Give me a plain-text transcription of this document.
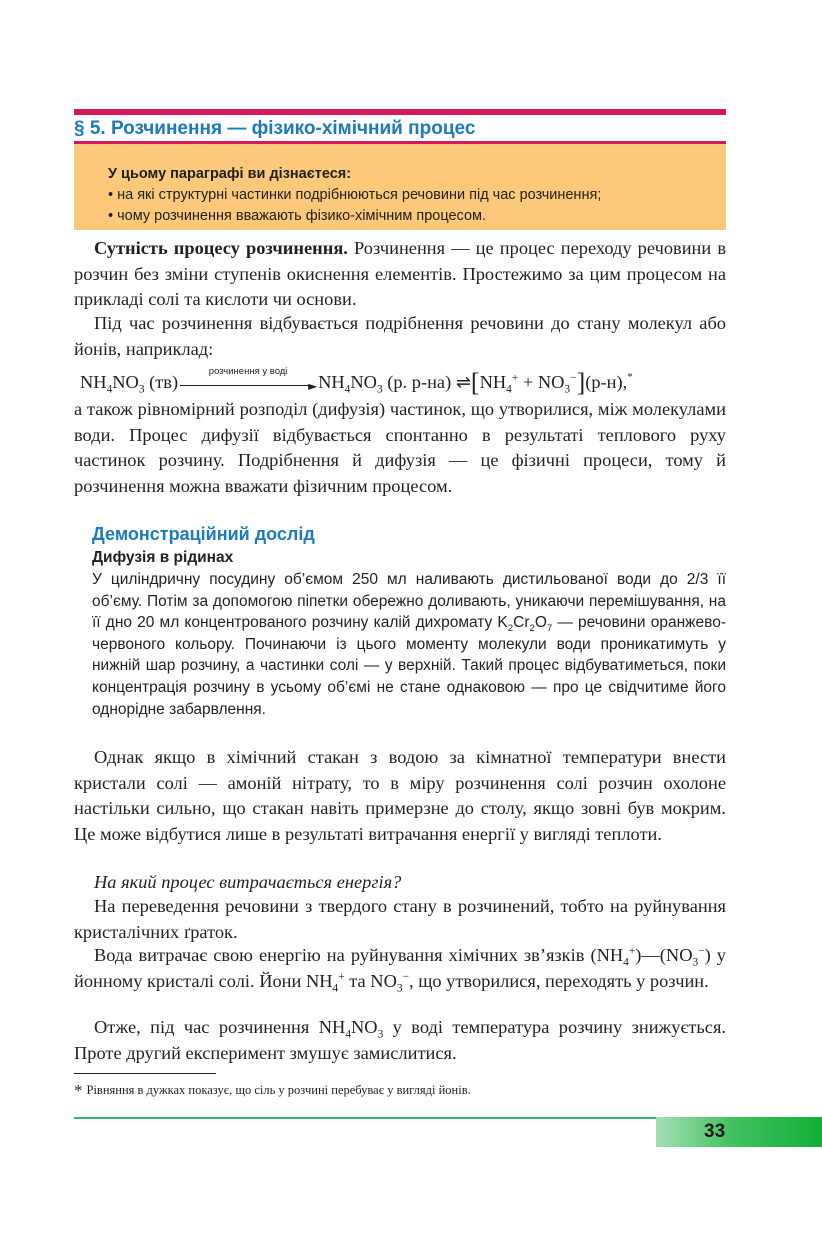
§ 5. Розчинення — фізико-хімічний процес
У цьому параграфі ви дізнаєтеся:
• на які структурні частинки подрібнюються речовини під час розчинення;
• чому розчинення вважають фізико-хімічним процесом.

Сутність процесу розчинення. Розчинення — це процес переходу речовини в розчин без зміни ступенів окиснення елементів. Простежимо за цим процесом на прикладі солі та кислоти чи основи.

Під час розчинення відбувається подрібнення речовини до стану молекул або йонів, наприклад:

$NH_4NO_3$ (тв)
розчинення у воді
► $NH_4NO_3$ (р. р-на) $\rightleftharpoons[NH_4^+ + NO_3^-](р-н),^*$

а також рівномірний розподіл (дифузія) частинок, що утворилися, між молекулами води. Процес дифузії відбувається спонтанно в результаті теплового руху частинок розчину. Подрібнення й дифузія — це фізичні процеси, тому й розчинення можна вважати фізичним процесом.

Демонстраційний дослід
Дифузія в рідинах

У циліндричну посудину об’ємом 250 мл наливають дистильованої води до 2/3 її об’єму. Потім за допомогою піпетки обережно доливають, уникаючи перемішування, на її дно 20 мл концентрованого розчину калій дихромату $K_2Cr_2O_7$ — речовини оранжево-червоного кольору. Починаючи із цього моменту молекули води проникатимуть у нижній шар розчину, а частинки солі — у верхній. Такий процес відбуватиметься, поки концентрація розчину в усьому об’ємі не стане однаковою — про це свідчитиме його однорідне забарвлення.

Однак якщо в хімічний стакан з водою за кімнатної температури внести кристали солі — амоній нітрату, то в міру розчинення солі розчин охолоне настільки сильно, що стакан навіть примерзне до столу, якщо зовні був мокрим. Це може відбутися лише в результаті витрачання енергії у вигляді теплоти.

На який процес витрачається енергія?

На переведення речовини з твердого стану в розчинений, тобто на руйнування кристалічних ґраток.

Вода витрачає свою енергію на руйнування хімічних зв’язків $(NH_4^+)—(NO_3^-)$ у йонному кристалі солі. Йони $NH_4^+$ та $NO_3^-$, що утворилися, переходять у розчин.

Отже, під час розчинення $NH_4NO_3$ у воді температура розчину знижується. Проте другий експеримент змушує замислитися.

* Рівняння в дужках показує, що сіль у розчині перебуває у вигляді йонів.
33
